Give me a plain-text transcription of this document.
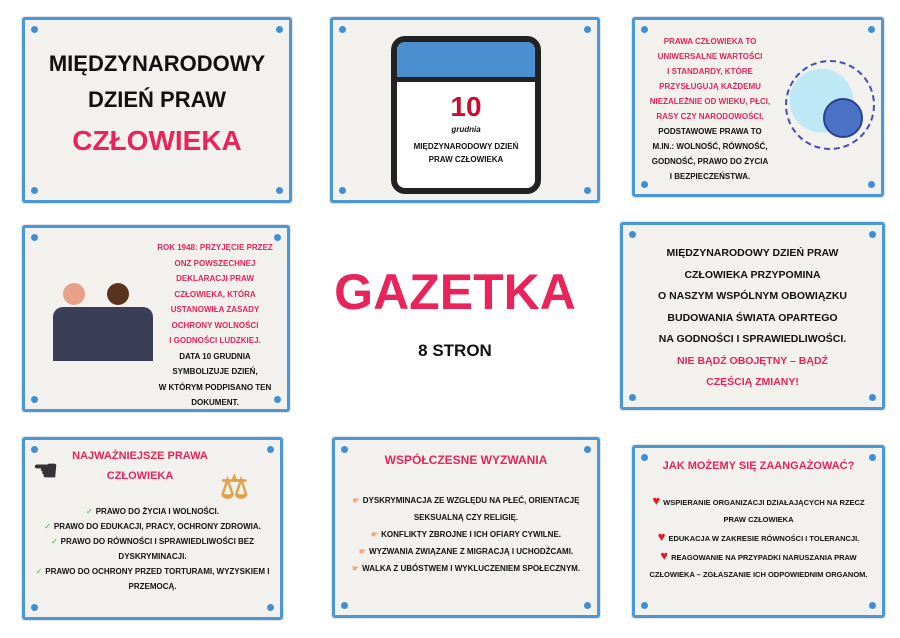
MIĘDZYNARODOWY
DZIEŃ PRAW
CZŁOWIEKA
10
grudnia
MIĘDZYNARODOWY DZIEŃ
PRAW CZŁOWIEKA
PRAWA CZŁOWIEKA TO
UNIWERSALNE WARTOŚCI
I STANDARDY, KTÓRE
PRZYSŁUGUJĄ KAŻDEMU
NIEZALEŻNIE OD WIEKU, PŁCI,
RASY CZY NARODOWOŚCI.
PODSTAWOWE PRAWA TO
M.IN.: WOLNOŚĆ, RÓWNOŚĆ,
GODNOŚĆ, PRAWO DO ŻYCIA
I BEZPIECZEŃSTWA.
ROK 1948: PRZYJĘCIE PRZEZ
ONZ POWSZECHNEJ
DEKLARACJI PRAW
CZŁOWIEKA, KTÓRA
USTANOWIŁA ZASADY
OCHRONY WOLNOŚCI
I GODNOŚCI LUDZKIEJ.
DATA 10 GRUDNIA
SYMBOLIZUJE DZIEŃ,
W KTÓRYM PODPISANO TEN
DOKUMENT.
GAZETKA
8 STRON
MIĘDZYNARODOWY DZIEŃ PRAW
CZŁOWIEKA PRZYPOMINA
O NASZYM WSPÓLNYM OBOWIĄZKU
BUDOWANIA ŚWIATA OPARTEGO
NA GODNOŚCI I SPRAWIEDLIWOŚCI.
NIE BĄDŹ OBOJĘTNY – BĄDŹ
CZĘŚCIĄ ZMIANY!
☚	⚖
NAJWAŻNIEJSZE PRAWA
CZŁOWIEKA
✓ PRAWO DO ŻYCIA I WOLNOŚCI.
✓ PRAWO DO EDUKACJI, PRACY, OCHRONY ZDROWIA.
✓ PRAWO DO RÓWNOŚCI I SPRAWIEDLIWOŚCI BEZ DYSKRYMINACJI.
✓ PRAWO DO OCHRONY PRZED TORTURAMI, WYZYSKIEM I PRZEMOCĄ.
WSPÓŁCZESNE WYZWANIA
☛ DYSKRYMINACJA ZE WZGLĘDU NA PŁEĆ, ORIENTACJĘ SEKSUALNĄ CZY RELIGIĘ.
☛ KONFLIKTY ZBROJNE I ICH OFIARY CYWILNE.
☛ WYZWANIA ZWIĄZANE Z MIGRACJĄ I UCHODŹCAMI.
☛ WALKA Z UBÓSTWEM I WYKLUCZENIEM SPOŁECZNYM.
JAK MOŻEMY SIĘ ZAANGAŻOWAĆ?
♥ WSPIERANIE ORGANIZACJI DZIAŁAJĄCYCH NA RZECZ PRAW CZŁOWIEKA
♥ EDUKACJA W ZAKRESIE RÓWNOŚCI I TOLERANCJI.
♥ REAGOWANIE NA PRZYPADKI NARUSZANIA PRAW CZŁOWIEKA – ZGŁASZANIE ICH ODPOWIEDNIM ORGANOM.
